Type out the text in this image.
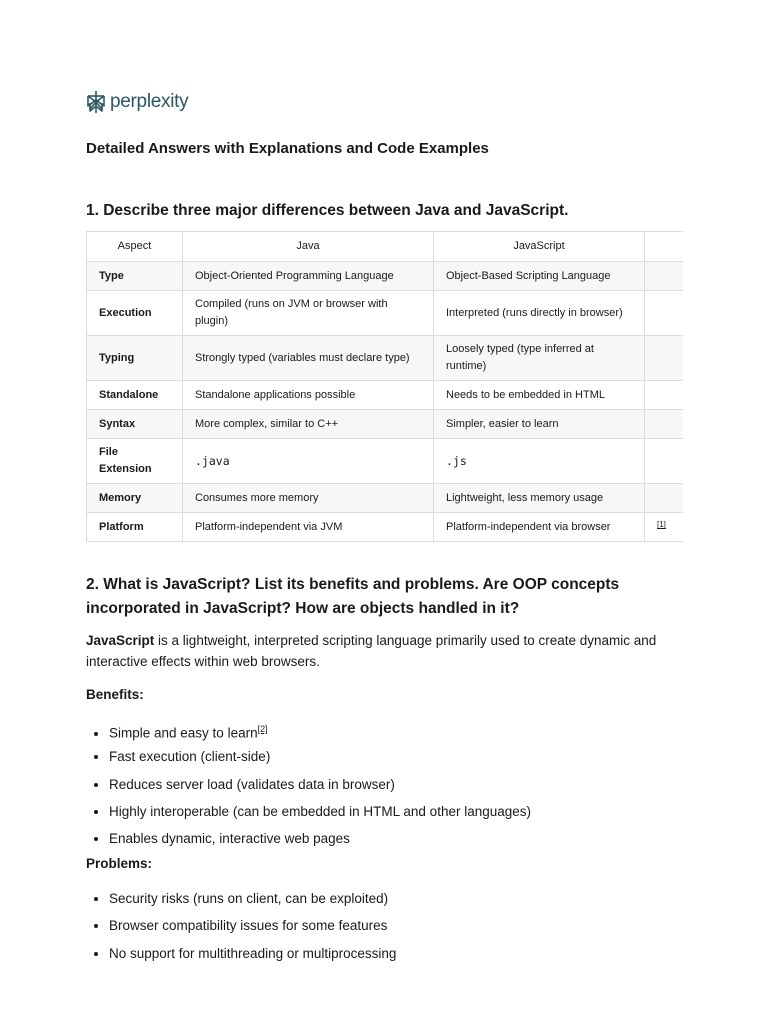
perplexity
Detailed Answers with Explanations and Code Examples
1. Describe three major differences between Java and JavaScript.
Aspect	Java	JavaScript	
Type	Object-Oriented Programming Language	Object-Based Scripting Language	
Execution	Compiled (runs on JVM or browser with plugin)	Interpreted (runs directly in browser)	
Typing	Strongly typed (variables must declare type)	Loosely typed (type inferred at runtime)	
Standalone	Standalone applications possible	Needs to be embedded in HTML	
Syntax	More complex, similar to C++	Simpler, easier to learn	
File Extension	.java	.js	
Memory	Consumes more memory	Lightweight, less memory usage	
Platform	Platform-independent via JVM	Platform-independent via browser	[1]
2. What is JavaScript? List its benefits and problems. Are OOP concepts incorporated in JavaScript? How are objects handled in it?

JavaScript is a lightweight, interpreted scripting language primarily used to create dynamic and interactive effects within web browsers.

Benefits:

• Simple and easy to learn[2]
• Fast execution (client-side)
• Reduces server load (validates data in browser)
• Highly interoperable (can be embedded in HTML and other languages)
• Enables dynamic, interactive web pages

Problems:

• Security risks (runs on client, can be exploited)
• Browser compatibility issues for some features
• No support for multithreading or multiprocessing
